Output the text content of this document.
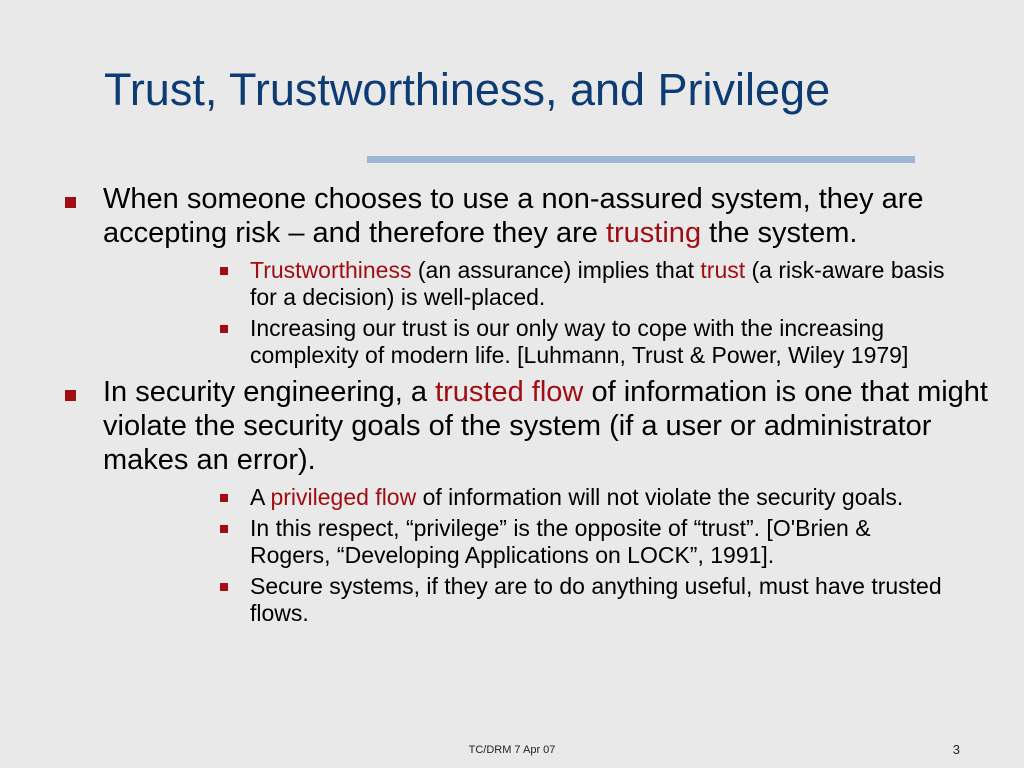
Trust, Trustworthiness, and Privilege
When someone chooses to use a non-assured system, they are accepting risk – and therefore they are trusting the system.
Trustworthiness (an assurance) implies that trust (a risk-aware basis for a decision) is well-placed.
Increasing our trust is our only way to cope with the increasing complexity of modern life. [Luhmann, Trust & Power, Wiley 1979]
In security engineering, a trusted flow of information is one that might violate the security goals of the system (if a user or administrator makes an error).
A privileged flow of information will not violate the security goals.
In this respect, “privilege” is the opposite of “trust”. [O'Brien & Rogers, “Developing Applications on LOCK”, 1991].
Secure systems, if they are to do anything useful, must have trusted flows.
TC/DRM 7 Apr 07	3
